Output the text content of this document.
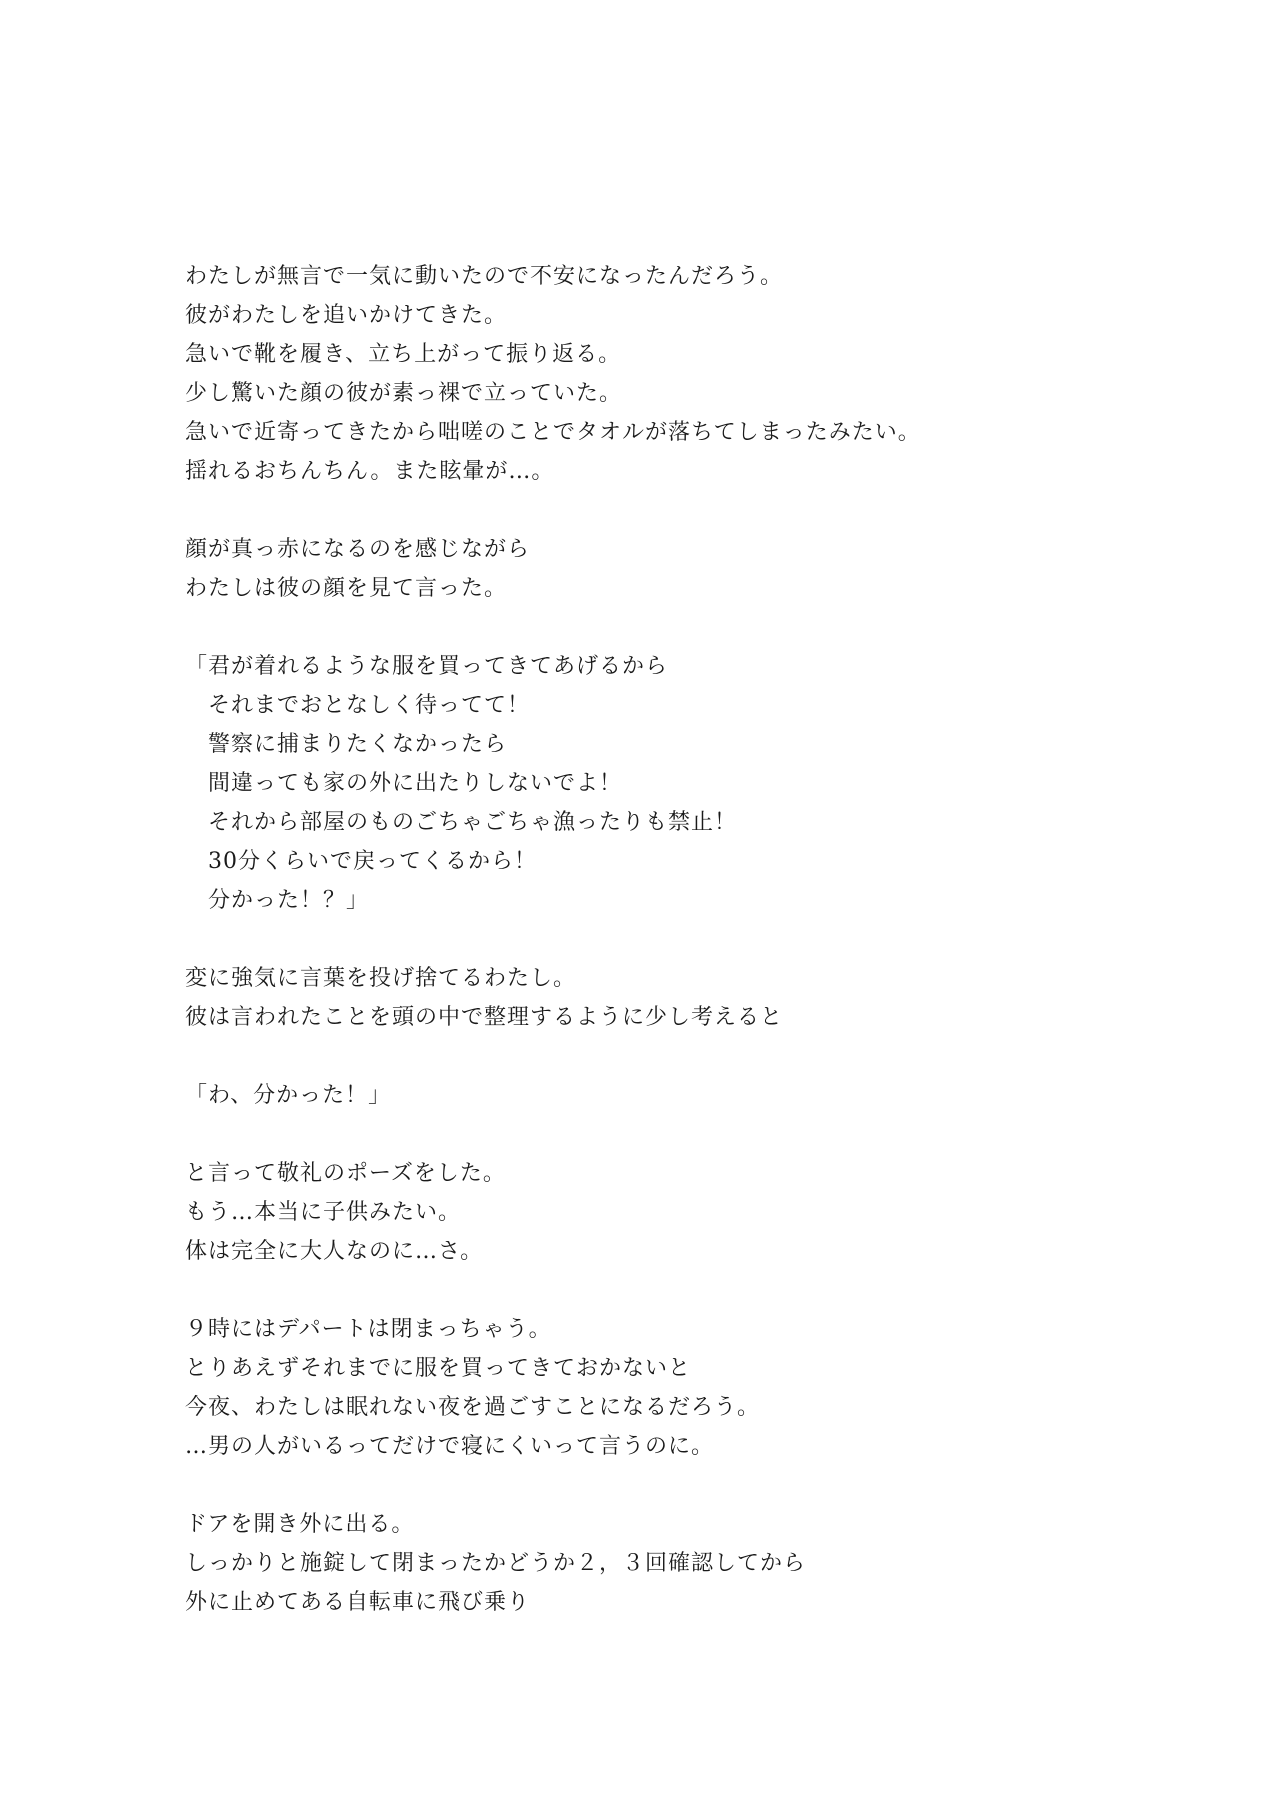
わたしが無言で一気に動いたので不安になったんだろう。
彼がわたしを追いかけてきた。
急いで靴を履き、立ち上がって振り返る。
少し驚いた顔の彼が素っ裸で立っていた。
急いで近寄ってきたから咄嗟のことでタオルが落ちてしまったみたい。
揺れるおちんちん。また眩暈が…。
顔が真っ赤になるのを感じながら
わたしは彼の顔を見て言った。
「君が着れるような服を買ってきてあげるから
　それまでおとなしく待ってて！
　警察に捕まりたくなかったら
　間違っても家の外に出たりしないでよ！
　それから部屋のものごちゃごちゃ漁ったりも禁止！
　30分くらいで戻ってくるから！
　分かった！？」
変に強気に言葉を投げ捨てるわたし。
彼は言われたことを頭の中で整理するように少し考えると
「わ、分かった！」
と言って敬礼のポーズをした。
もう…本当に子供みたい。
体は完全に大人なのに…さ。
９時にはデパートは閉まっちゃう。
とりあえずそれまでに服を買ってきておかないと
今夜、わたしは眠れない夜を過ごすことになるだろう。
…男の人がいるってだけで寝にくいって言うのに。
ドアを開き外に出る。
しっかりと施錠して閉まったかどうか２，３回確認してから
外に止めてある自転車に飛び乗り
